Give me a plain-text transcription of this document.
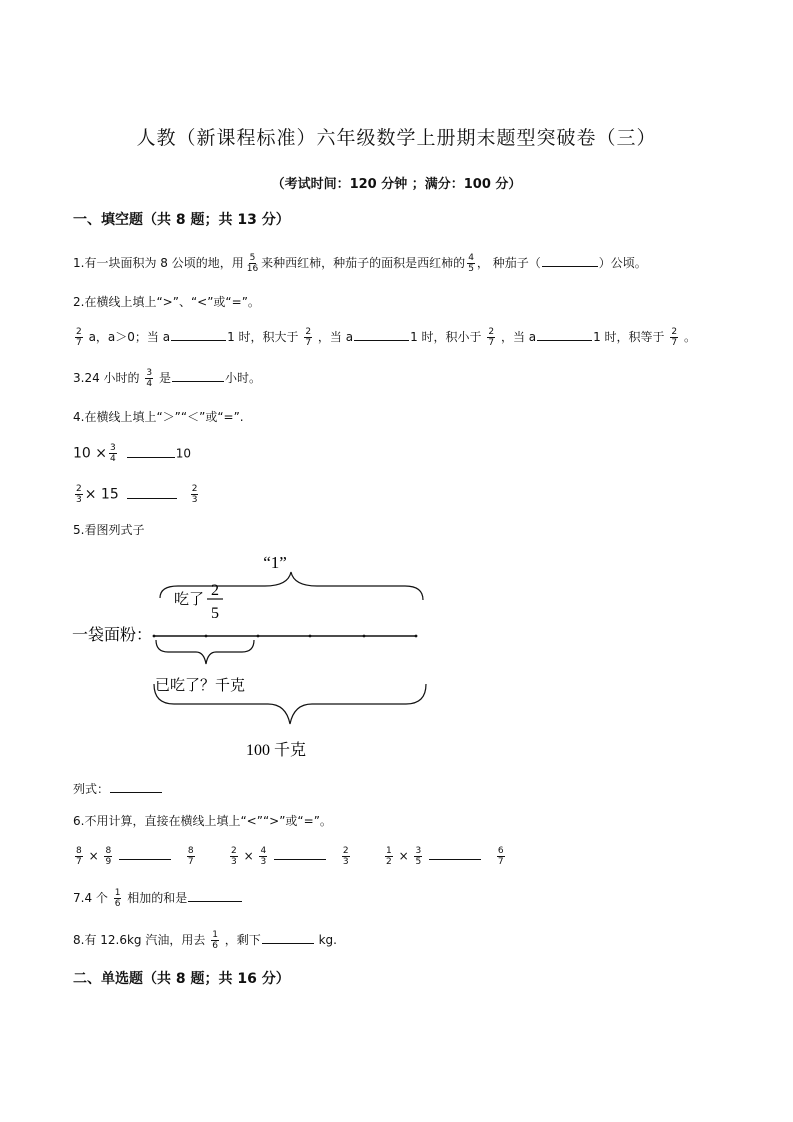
人教（新课程标准）六年级数学上册期末题型突破卷（三）
（考试时间：120 分钟 ；满分：100 分）
一、填空题（共 8 题；共 13 分）
1.有一块面积为 8 公顷的地，用 $\frac{5}{16}$ 来种西红柿，种茄子的面积是西红柿的 $\frac{4}{5}$ ， 种茄子（	）公顷。
2.在横线上填上“>”、“<”或“=”。
$\frac{2}{7}$ a，a＞0；当 a	1 时，积大于 $\frac{2}{7}$ ，当 a	1 时，积小于 $\frac{2}{7}$ ，当 a	1 时，积等于 $\frac{2}{7}$ 。
3.24 小时的 $\frac{3}{4}$ 是	小时。
4.在横线上填上“＞”“＜”或“=”.
$10 \times \frac{3}{4}$	10
$\frac{2}{3} \times 15$	$\frac{2}{3}$
5.看图列式子
“1”
吃了 2
5
一袋面粉：
已吃了？千克
100 千克
列式：
6.不用计算，直接在横线上填上“<”“>”或“=”。
$\frac{8}{7} \times \frac{8}{9}$
	$\frac{8}{7}$	$\frac{2}{3} \times \frac{4}{3}$
	$\frac{2}{3}$	$\frac{1}{2} \times \frac{3}{5}$
	$\frac{6}{7}$
7.4 个 $\frac{1}{6}$ 相加的和是
8.有 12.6kg 汽油，用去 $\frac{1}{6}$ ，剩下	kg.
二、单选题（共 8 题；共 16 分）
